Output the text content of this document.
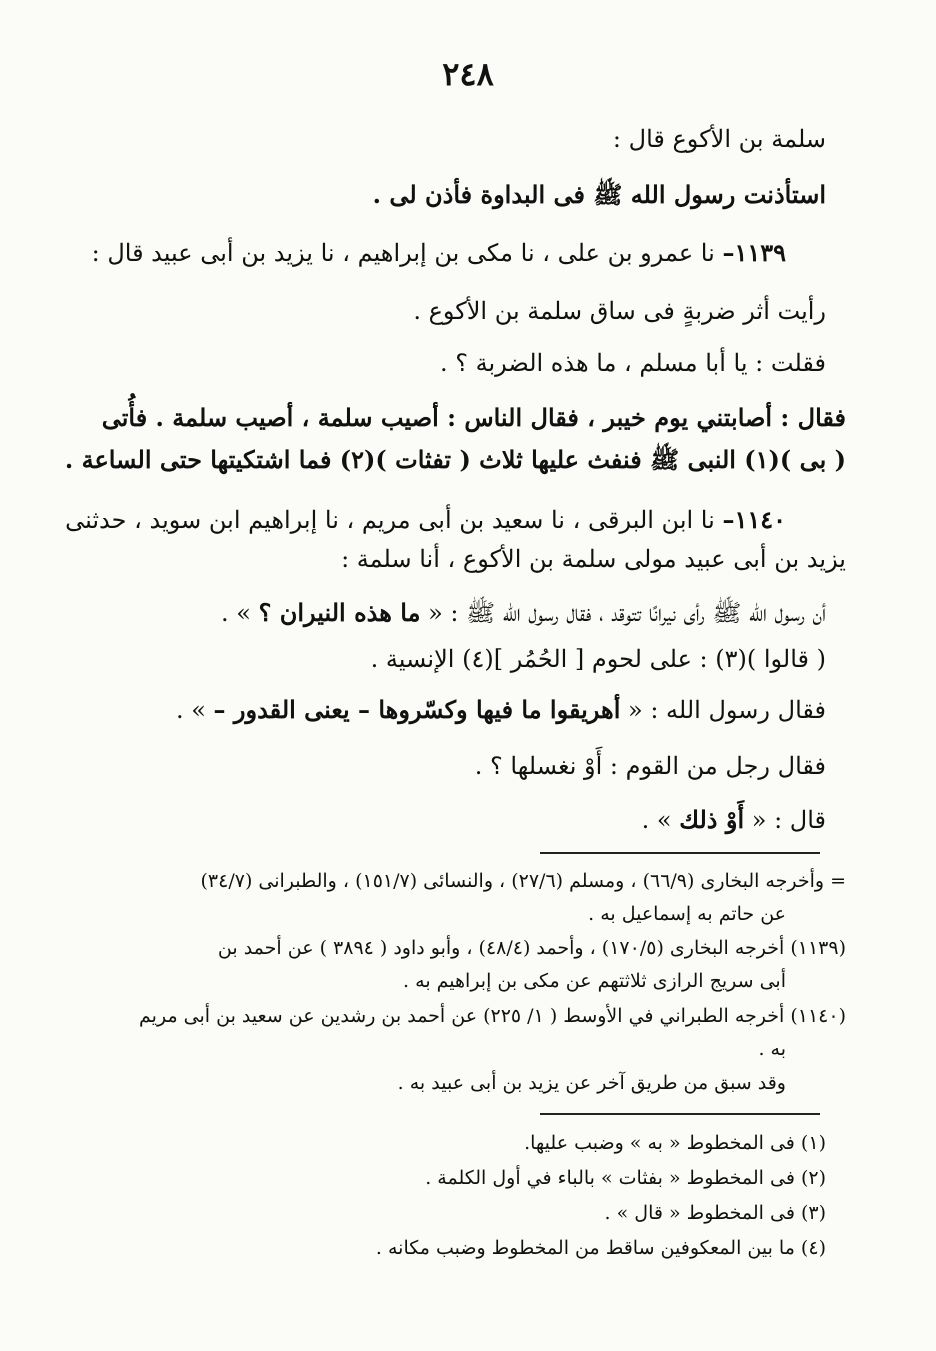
٢٤٨
سلمة بن الأكوع قال :
استأذنت رسول الله ﷺ فى البداوة فأذن لى .
١١٣٩– نا عمرو بن على ، نا مكى بن إبراهيم ، نا يزيد بن أبى عبيد قال :
رأيت أثر ضربةٍ فى ساق سلمة بن الأكوع .
فقلت : يا أبا مسلم ، ما هذه الضربة ؟ .
فقال : أصابتني يوم خيبر ، فقال الناس : أصيب سلمة ، أصيب سلمة . فأُتى
( بى )(١) النبى ﷺ فنفث عليها ثلاث ( تفثات )(٢) فما اشتكيتها حتى الساعة .
١١٤٠– نا ابن البرقى ، نا سعيد بن أبى مريم ، نا إبراهيم ابن سويد ، حدثنى
يزيد بن أبى عبيد مولى سلمة بن الأكوع ، أنا سلمة :
أن رسول الله ﷺ رأى نيرانًا تتوقد ، فقال رسول الله ﷺ : « ما هذه النيران ؟ » .
( قالوا )(٣) : على لحوم [ الحُمُر ](٤) الإنسية .
فقال رسول الله : « أهريقوا ما فيها وكسّروها – يعنى القدور – » .
فقال رجل من القوم : أَوْ نغسلها ؟ .
قال : « أَوْ ذلك » .
= وأخرجه البخارى (٦٦/٩) ، ومسلم (٢٧/٦) ، والنسائى (١٥١/٧) ، والطبرانى (٣٤/٧)
عن حاتم به إسماعيل به .
(١١٣٩) أخرجه البخارى (١٧٠/٥) ، وأحمد (٤٨/٤) ، وأبو داود ( ٣٨٩٤ ) عن أحمد بن
أبى سريج الرازى ثلاثتهم عن مكى بن إبراهيم به .
(١١٤٠) أخرجه الطبراني في الأوسط ( ١/ ٢٢٥) عن أحمد بن رشدين عن سعيد بن أبى مريم
به .
وقد سبق من طريق آخر عن يزيد بن أبى عبيد به .
(١) فى المخطوط « به » وضبب عليها.
(٢) فى المخطوط « بفثات » بالباء في أول الكلمة .
(٣) فى المخطوط « قال » .
(٤) ما بين المعكوفين ساقط من المخطوط وضبب مكانه .
